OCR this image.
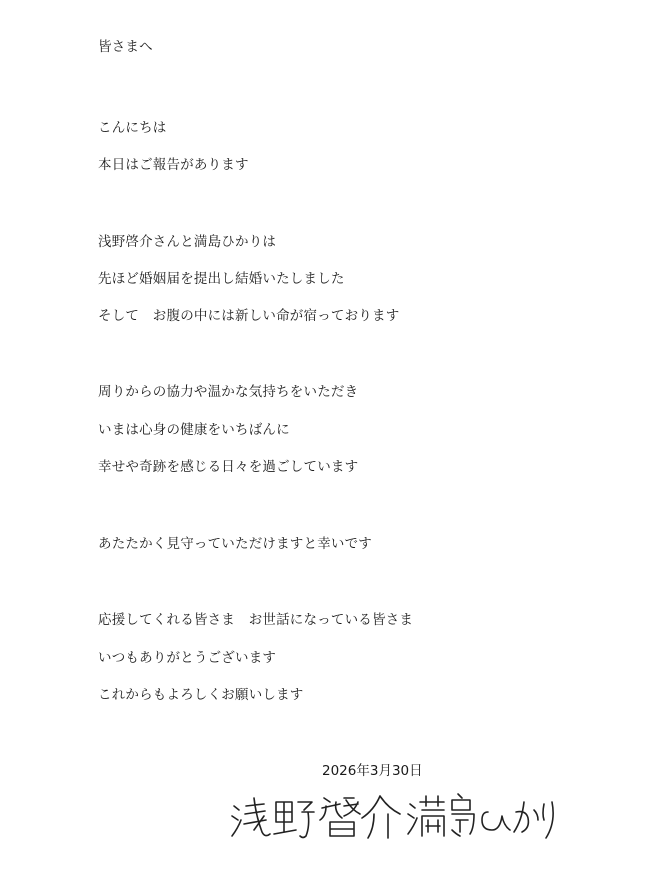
皆さまへ
こんにちは
本日はご報告があります
浅野啓介さんと満島ひかりは
先ほど婚姻届を提出し結婚いたしました
そして　お腹の中には新しい命が宿っております
周りからの協力や温かな気持ちをいただき
いまは心身の健康をいちばんに
幸せや奇跡を感じる日々を過ごしています
あたたかく見守っていただけますと幸いです
応援してくれる皆さま　お世話になっている皆さま
いつもありがとうございます
これからもよろしくお願いします
2026年3月30日
